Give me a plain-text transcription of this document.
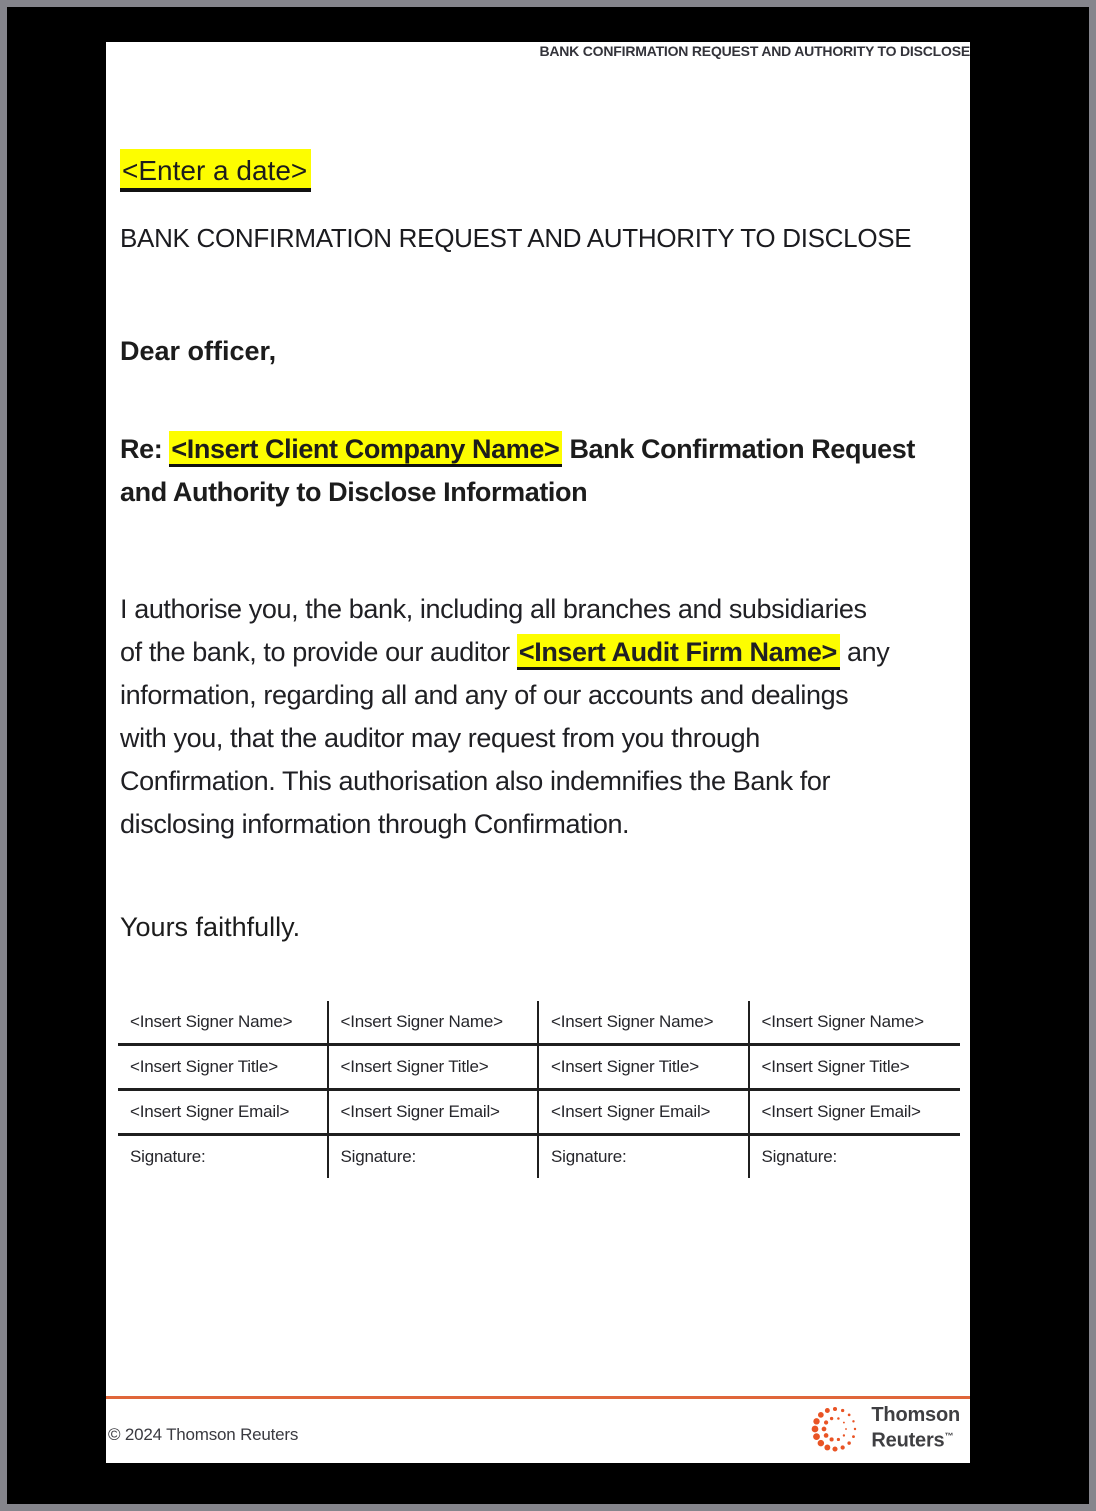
BANK CONFIRMATION REQUEST AND AUTHORITY TO DISCLOSE
<Enter a date>
BANK CONFIRMATION REQUEST AND AUTHORITY TO DISCLOSE
Dear officer,
Re: <Insert Client Company Name> Bank Confirmation Request
and Authority to Disclose Information
I authorise you, the bank, including all branches and subsidiaries
of the bank, to provide our auditor <Insert Audit Firm Name> any
information, regarding all and any of our accounts and dealings
with you, that the auditor may request from you through
Confirmation. This authorisation also indemnifies the Bank for
disclosing information through Confirmation.
Yours faithfully.
<Insert Signer Name>	<Insert Signer Name>	<Insert Signer Name>	<Insert Signer Name>
<Insert Signer Title>	<Insert Signer Title>	<Insert Signer Title>	<Insert Signer Title>
<Insert Signer Email>	<Insert Signer Email>	<Insert Signer Email>	<Insert Signer Email>
Signature:	Signature:	Signature:	Signature:
© 2024 Thomson Reuters
Thomson
Reuters™
